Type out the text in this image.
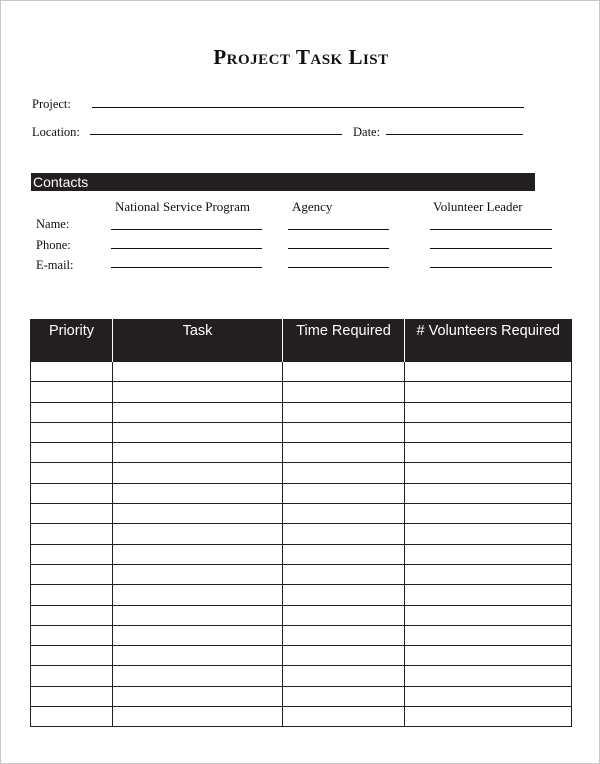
Project Task List
Project:
Location:	Date:
Contacts
National Service Program	Agency	Volunteer Leader
Name:
Phone:
E-mail:
Priority	Task	Time Required	# Volunteers Required
